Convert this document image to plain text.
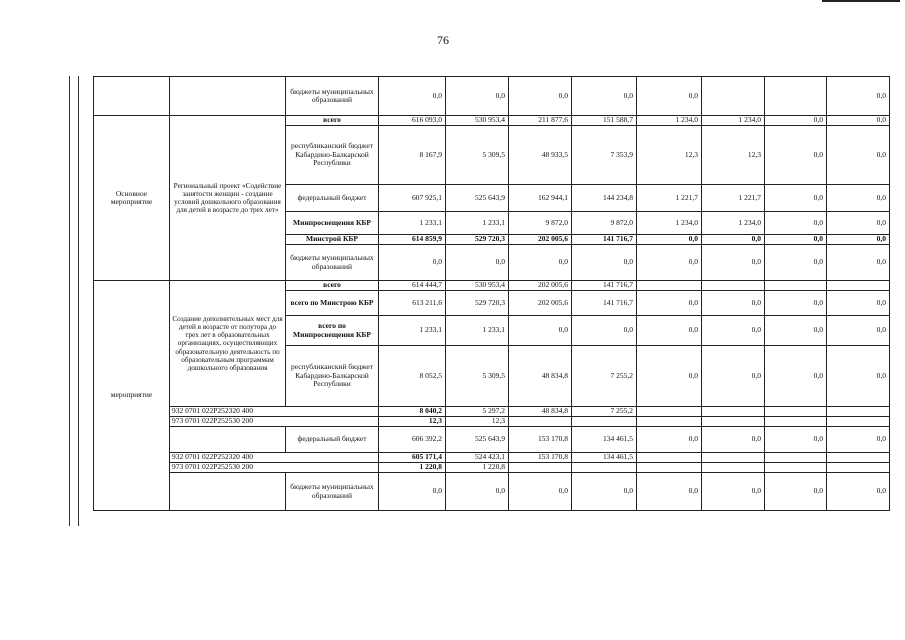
76
		бюджеты муниципальных образований	0,0	0,0	0,0	0,0	0,0			0,0
Основное мероприятие	Региональный проект «Содействие занятости женщин - создание условий дошкольного образования для детей в возрасте до трех лет»	всего	616 093,0	530 953,4	211 877,6	151 588,7	1 234,0	1 234,0	0,0	0,0
		республиканский бюджет Кабардино-Балкарской Республики	8 167,9	5 309,5	48 933,5	7 353,9	12,3	12,3	0,0	0,0
		федеральный бюджет	607 925,1	525 643,9	162 944,1	144 234,8	1 221,7	1 221,7	0,0	0,0
		Минпросвещения КБР	1 233,1	1 233,1	9 872,0	9 872,0	1 234,0	1 234,0	0,0	0,0
		Минстрой КБР	614 859,9	529 720,3	202 005,6	141 716,7	0,0	0,0	0,0	0,0
		бюджеты муниципальных образований	0,0	0,0	0,0	0,0	0,0	0,0	0,0	0,0
мероприятие	Создание дополнительных мест для детей в возрасте от полутора до трех лет в образовательных организациях, осуществляющих образовательную деятельность по образовательным программам дошкольного образования	всего	614 444,7	530 953,4	202 005,6	141 716,7				
		всего по Минстрою КБР	613 211,6	529 720,3	202 005,6	141 716,7	0,0	0,0	0,0	0,0
		всего по Минпросвещения КБР	1 233,1	1 233,1	0,0	0,0	0,0	0,0	0,0	0,0
		республиканский бюджет Кабардино-Балкарской Республики	8 052,5	5 309,5	48 834,8	7 255,2	0,0	0,0	0,0	0,0
	932 0701 022P252320 400		8 040,2	5 297,2	48 834,8	7 255,2				
	973 0701 022P252530 200		12,3	12,3						
		федеральный бюджет	606 392,2	525 643,9	153 170,8	134 461,5	0,0	0,0	0,0	0,0
	932 0701 022P252320 400		605 171,4	524 423,1	153 170,8	134 461,5				
	973 0701 022P252530 200		1 220,8	1 220,8						
		бюджеты муниципальных образований	0,0	0,0	0,0	0,0	0,0	0,0	0,0	0,0
